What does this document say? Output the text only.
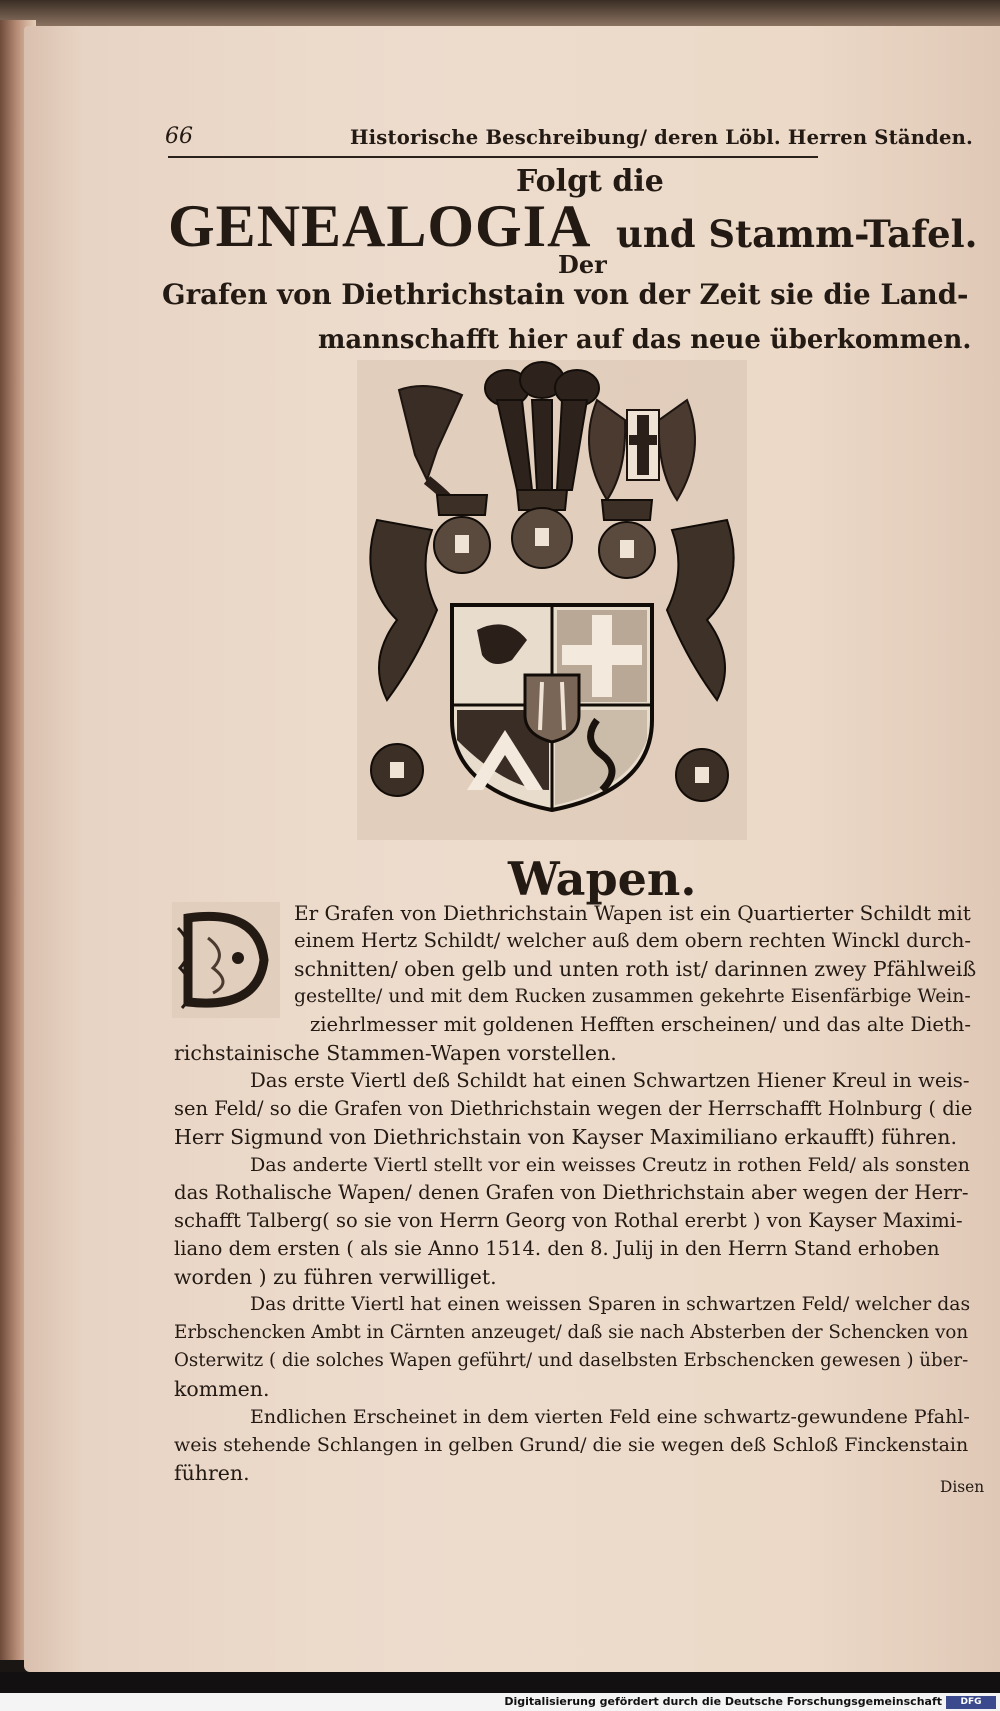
66	Historische Beschreibung/ deren Löbl. Herren Ständen.
Folgt die
GENEALOGIA und Stamm-Tafel.
Der
Grafen von Diethrichstain von der Zeit sie die Land-
mannschafft hier auf das neue überkommen.
Wapen.
Er Grafen von Diethrichstain Wapen ist ein Quartierter Schildt mit
einem Hertz Schildt/ welcher auß dem obern rechten Winckl durch-
schnitten/ oben gelb und unten roth ist/ darinnen zwey Pfählweiß
gestellte/ und mit dem Rucken zusammen gekehrte Eisenfärbige Wein-
ziehrlmesser mit goldenen Hefften erscheinen/ und das alte Dieth-
richstainische Stammen-Wapen vorstellen.
Das erste Viertl deß Schildt hat einen Schwartzen Hiener Kreul in weis-
sen Feld/ so die Grafen von Diethrichstain wegen der Herrschafft Holnburg ( die
Herr Sigmund von Diethrichstain von Kayser Maximiliano erkaufft) führen.
Das anderte Viertl stellt vor ein weisses Creutz in rothen Feld/ als sonsten
das Rothalische Wapen/ denen Grafen von Diethrichstain aber wegen der Herr-
schafft Talberg( so sie von Herrn Georg von Rothal ererbt ) von Kayser Maximi-
liano dem ersten ( als sie Anno 1514. den 8. Julij in den Herrn Stand erhoben
worden ) zu führen verwilliget.
Das dritte Viertl hat einen weissen Sparen in schwartzen Feld/ welcher das
Erbschencken Ambt in Cärnten anzeuget/ daß sie nach Absterben der Schencken von
Osterwitz ( die solches Wapen geführt/ und daselbsten Erbschencken gewesen ) über-
kommen.
Endlichen Erscheinet in dem vierten Feld eine schwartz-gewundene Pfahl-
weis stehende Schlangen in gelben Grund/ die sie wegen deß Schloß Finckenstain
führen.
Disen
Digitalisierung gefördert durch die Deutsche Forschungsgemeinschaft	DFG
